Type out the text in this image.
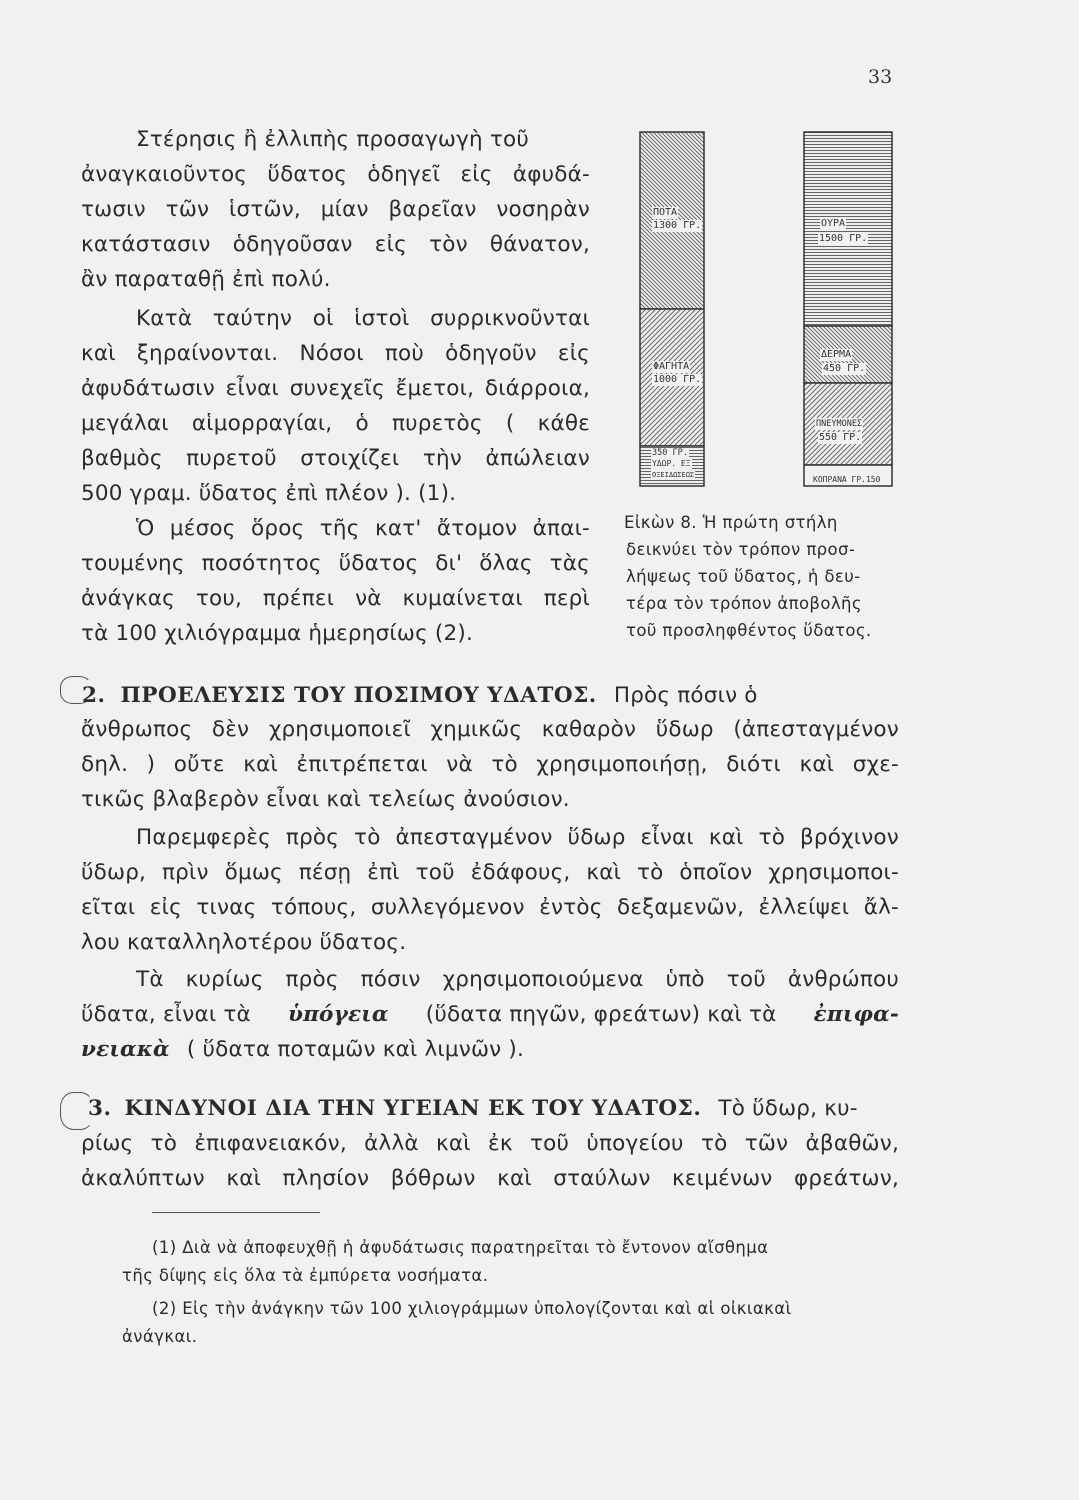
33
Στέρησις ἢ ἐλλιπὴς προσαγωγὴ τοῦ
ἀναγκαιοῦντος ὕδατος ὁδηγεῖ εἰς ἀφυδά-
τωσιν τῶν ἱστῶν, μίαν βαρεῖαν νοσηρὰν
κατάστασιν ὁδηγοῦσαν εἰς τὸν θάνατον,
ἂν παραταθῇ ἐπὶ πολύ.
Κατὰ ταύτην οἱ ἱστοὶ συρρικνοῦνται
καὶ ξηραίνονται. Νόσοι ποὺ ὁδηγοῦν εἰς
ἀφυδάτωσιν εἶναι συνεχεῖς ἔμετοι, διάρροια,
μεγάλαι αἱμορραγίαι, ὁ πυρετὸς ( κάθε
βαθμὸς πυρετοῦ στοιχίζει τὴν ἀπώλειαν
500 γραμ. ὕδατος ἐπὶ πλέον ). (1).
Ὁ μέσος ὅρος τῆς κατ' ἄτομον ἀπαι-
τουμένης ποσότητος ὕδατος δι' ὅλας τὰς
ἀνάγκας του, πρέπει νὰ κυμαίνεται περὶ
τὰ 100 χιλιόγραμμα ἡμερησίως (2).
ΠΟΤΑ
1300 ΓΡ.
ΦΑΓΗΤΑ
1000 ΓΡ.
350 ΓΡ.
ΥΔΩΡ. ΕΞ
ΟΞΕΙΔΩΣΕΩΣ
ΟΥΡΑ
1500 ΓΡ.
ΔΕΡΜΑ
450 ΓΡ.
ΠΝΕΥΜΟΝΕΣ
550 ΓΡ.
ΚΟΠΡΑΝΑ ΓΡ.150
Εἰκὼν 8. Ἡ πρώτη στήλη
δεικνύει τὸν τρόπον προσ-
λήψεως τοῦ ὕδατος, ἡ δευ-
τέρα τὸν τρόπον ἀποβολῆς
τοῦ προσληφθέντος ὕδατος.
2. ΠΡΟΕΛΕΥΣΙΣ ΤΟΥ ΠΟΣΙΜΟΥ ΥΔΑΤΟΣ. Πρὸς πόσιν ὁ
ἄνθρωπος δὲν χρησιμοποιεῖ χημικῶς καθαρὸν ὕδωρ (ἀπεσταγμένον
δηλ. ) οὔτε καὶ ἐπιτρέπεται νὰ τὸ χρησιμοποιήσῃ, διότι καὶ σχε-
τικῶς βλαβερὸν εἶναι καὶ τελείως ἀνούσιον.
Παρεμφερὲς πρὸς τὸ ἀπεσταγμένον ὕδωρ εἶναι καὶ τὸ βρόχινον
ὕδωρ, πρὶν ὅμως πέσῃ ἐπὶ τοῦ ἐδάφους, καὶ τὸ ὁποῖον χρησιμοποι-
εῖται εἰς τινας τόπους, συλλεγόμενον ἐντὸς δεξαμενῶν, ἐλλείψει ἄλ-
λου καταλληλοτέρου ὕδατος.
Τὰ κυρίως πρὸς πόσιν χρησιμοποιούμενα ὑπὸ τοῦ ἀνθρώπου
ὕδατα, εἶναι τὰ ὑπόγεια (ὕδατα πηγῶν, φρεάτων) καὶ τὰ ἐπιφα-
νειακὰ ( ὕδατα ποταμῶν καὶ λιμνῶν ).
3. ΚΙΝΔΥΝΟΙ ΔΙΑ ΤΗΝ ΥΓΕΙΑΝ ΕΚ ΤΟΥ ΥΔΑΤΟΣ. Τὸ ὕδωρ, κυ-
ρίως τὸ ἐπιφανειακόν, ἀλλὰ καὶ ἐκ τοῦ ὑπογείου τὸ τῶν ἀβαθῶν,
ἀκαλύπτων καὶ πλησίον βόθρων καὶ σταύλων κειμένων φρεάτων,
(1) Διὰ νὰ ἀποφευχθῇ ἡ ἀφυδάτωσις παρατηρεῖται τὸ ἔντονον αἴσθημα
τῆς δίψης εἰς ὅλα τὰ ἐμπύρετα νοσήματα.
(2) Εἰς τὴν ἀνάγκην τῶν 100 χιλιογράμμων ὑπολογίζονται καὶ αἱ οἰκιακαὶ
ἀνάγκαι.
